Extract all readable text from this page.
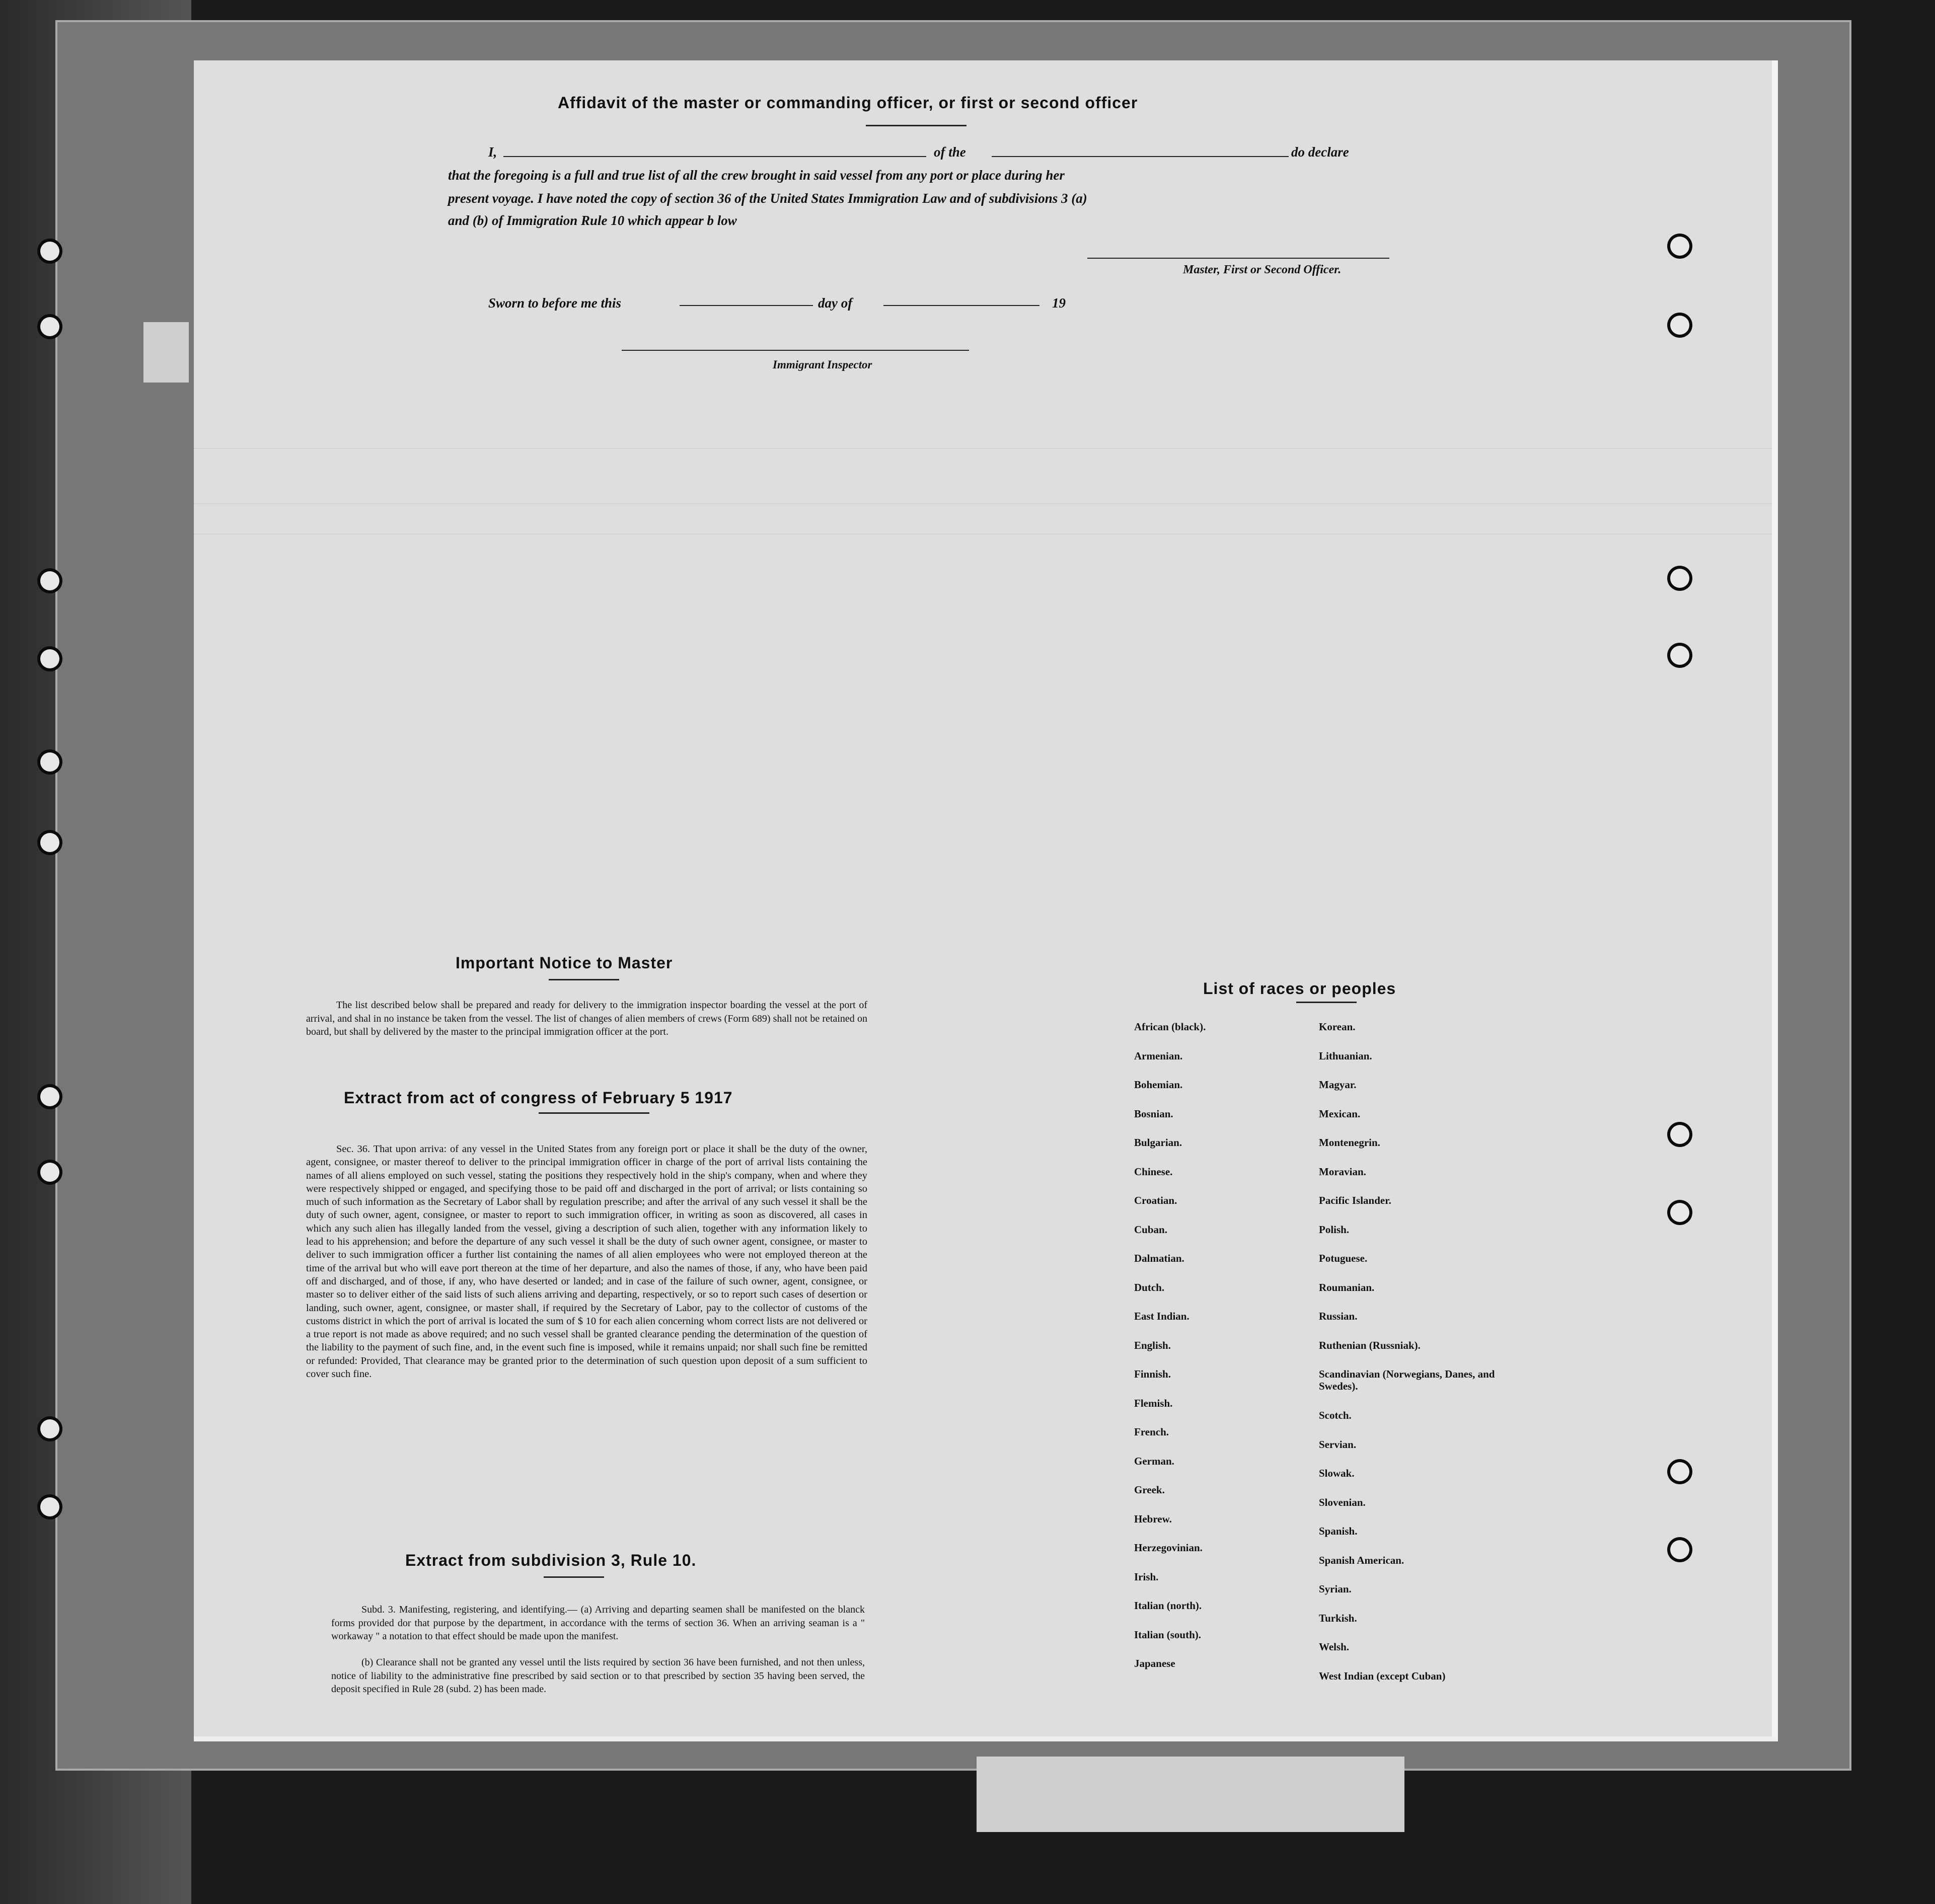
28
Affidavit of the master or commanding officer, or first or second officer
I,	of the	do declare
that the foregoing is a full and true list of all the crew brought in said vessel from any port or place during her
present voyage. I have noted the copy of section 36 of the United States Immigration Law and of subdivisions 3 (a)
and (b) of Immigration Rule 10 which appear b low
Master, First or Second Officer.
Sworn to before me this	day of	19
Immigrant Inspector
Important Notice to Master
The list described below shall be prepared and ready for delivery to the immigration inspector boarding the vessel at the port of arrival, and shal in no instance be taken from the vessel. The list of changes of alien members of crews (Form 689) shall not be retained on board, but shall by delivered by the master to the principal immigration officer at the port.
Extract from act of congress of February 5 1917
Sec. 36. That upon arriva: of any vessel in the United States from any foreign port or place it shall be the duty of the owner, agent, consignee, or master thereof to deliver to the principal immigration officer in charge of the port of arrival lists containing the names of all aliens employed on such vessel, stating the positions they respectively hold in the ship's company, when and where they were respectively shipped or engaged, and specifying those to be paid off and discharged in the port of arrival; or lists containing so much of such information as the Secretary of Labor shall by regulation prescribe; and after the arrival of any such vessel it shall be the duty of such owner, agent, consignee, or master to report to such immigration officer, in writing as soon as discovered, all cases in which any such alien has illegally landed from the vessel, giving a description of such alien, together with any information likely to lead to his apprehension; and before the departure of any such vessel it shall be the duty of such owner agent, consignee, or master to deliver to such immigration officer a further list containing the names of all alien employees who were not employed thereon at the time of the arrival but who will eave port thereon at the time of her departure, and also the names of those, if any, who have been paid off and discharged, and of those, if any, who have deserted or landed; and in case of the failure of such owner, agent, consignee, or master so to deliver either of the said lists of such aliens arriving and departing, respectively, or so to report such cases of desertion or landing, such owner, agent, consignee, or master shall, if required by the Secretary of Labor, pay to the collector of customs of the customs district in which the port of arrival is located the sum of $ 10 for each alien concerning whom correct lists are not delivered or a true report is not made as above required; and no such vessel shall be granted clearance pending the determination of the question of the liability to the payment of such fine, and, in the event such fine is imposed, while it remains unpaid; nor shall such fine be remitted or refunded: Provided, That clearance may be granted prior to the determination of such question upon deposit of a sum sufficient to cover such fine.
Extract from subdivision 3, Rule 10.
Subd. 3. Manifesting, registering, and identifying.— (a) Arriving and departing seamen shall be manifested on the blanck forms provided dor that purpose by the department, in accordance with the terms of section 36. When an arriving seaman is a " workaway " a notation to that effect should be made upon the manifest.
(b) Clearance shall not be granted any vessel until the lists required by section 36 have been furnished, and not then unless, notice of liability to the administrative fine prescribed by said section or to that prescribed by section 35 having been served, the deposit specified in Rule 28 (subd. 2) has been made.
List of races or peoples
African (black).
Armenian.
Bohemian.
Bosnian.
Bulgarian.
Chinese.
Croatian.
Cuban.
Dalmatian.
Dutch.
East Indian.
English.
Finnish.
Flemish.
French.
German.
Greek.
Hebrew.
Herzegovinian.
Irish.
Italian (north).
Italian (south).
Japanese
Korean.
Lithuanian.
Magyar.
Mexican.
Montenegrin.
Moravian.
Pacific Islander.
Polish.
Potuguese.
Roumanian.
Russian.
Ruthenian (Russniak).
Scandinavian (Norwegians, Danes, and Swedes).
Scotch.
Servian.
Slowak.
Slovenian.
Spanish.
Spanish American.
Syrian.
Turkish.
Welsh.
West Indian (except Cuban)
